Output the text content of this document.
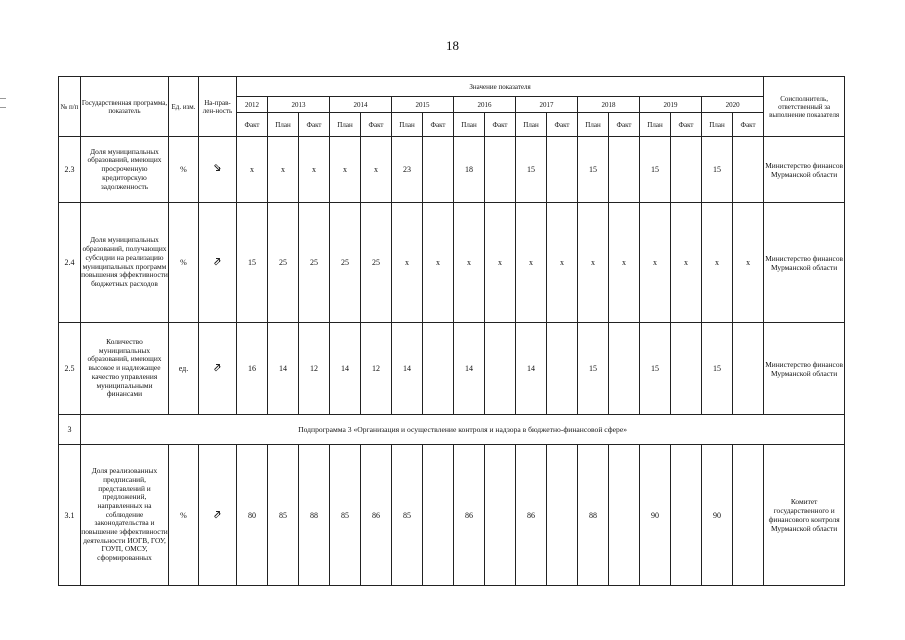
18
№ п/п	Государственная программа, показатель	Ед. изм.	На-прав-лен-ность	Значение показателя																	Соисполнитель, ответственный за выполнение показателя
				2012	2013		2014		2015		2016		2017		2018		2019		2020		
				Факт	План	Факт	План	Факт	План	Факт	План	Факт	План	Факт	План	Факт	План	Факт	План	Факт	
2.3	Доля муниципальных образований, имеющих просроченную кредиторскую задолженность	%		х	х	х	х	х	23		18		15		15		15		15		Министерство финансов Мурманской области
2.4	Доля муниципальных образований, получающих субсидии на реализацию муниципальных программ повышения эффективности бюджетных расходов	%		15	25	25	25	25	х	х	х	х	х	х	х	х	х	х	х	х	Министерство финансов Мурманской области
2.5	Количество муниципальных образований, имеющих высокое и надлежащее качество управления муниципальными финансами	ед.		16	14	12	14	12	14		14		14		15		15		15		Министерство финансов Мурманской области
3	Подпрограмма 3 «Организация и осуществление контроля и надзора в бюджетно-финансовой сфере»																				
3.1	Доля реализованных предписаний, представлений и предложений, направленных на соблюдение законодательства и повышение эффективности деятельности ИОГВ, ГОУ, ГОУП, ОМСУ, сформированных	%		80	85	88	85	86	85		86		86		88		90		90		Комитет государственного и финансового контроля Мурманской области
